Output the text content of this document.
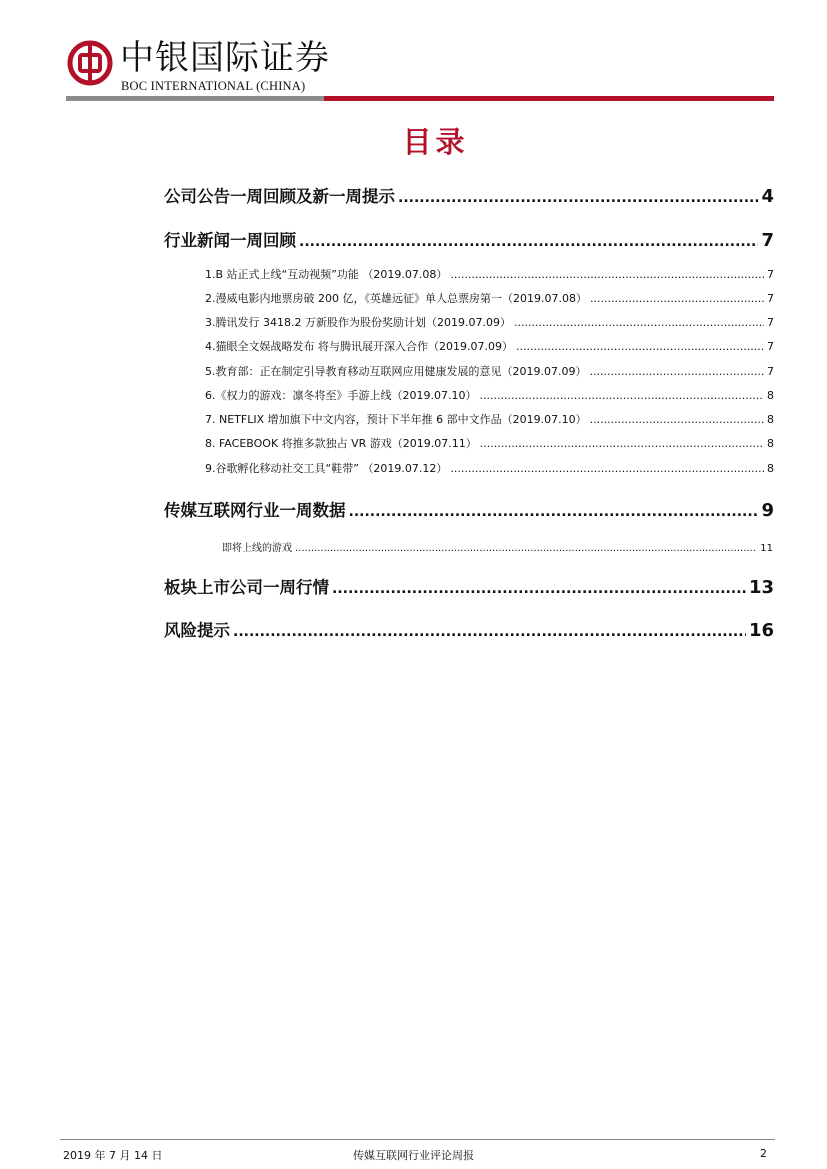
中银国际证券
BOC INTERNATIONAL (CHINA)
目录
公司公告一周回顾及新一周提示 .....	4
行业新闻一周回顾 .....	7
1.B 站正式上线“互动视频”功能 （2019.07.08） .....	7
2.漫威电影内地票房破 200 亿，《英雄远征》单人总票房第一（2019.07.08） .....	7
3.腾讯发行 3418.2 万新股作为股份奖励计划（2019.07.09） .....	7
4.猫眼全文娱战略发布 将与腾讯展开深入合作（2019.07.09） .....	7
5.教育部：正在制定引导教育移动互联网应用健康发展的意见（2019.07.09） .....	7
6.《权力的游戏：凛冬将至》手游上线（2019.07.10） .....	8
7. NETFLIX 增加旗下中文内容，预计下半年推 6 部中文作品（2019.07.10） .....	8
8. FACEBOOK 将推多款独占 VR 游戏（2019.07.11） .....	8
9.谷歌孵化移动社交工具“鞋带” （2019.07.12） .....	8
传媒互联网行业一周数据 .....	9
即将上线的游戏 .....	11
板块上市公司一周行情 .....	13
风险提示 .....	16
2019 年 7 月 14 日	传媒互联网行业评论周报	2
